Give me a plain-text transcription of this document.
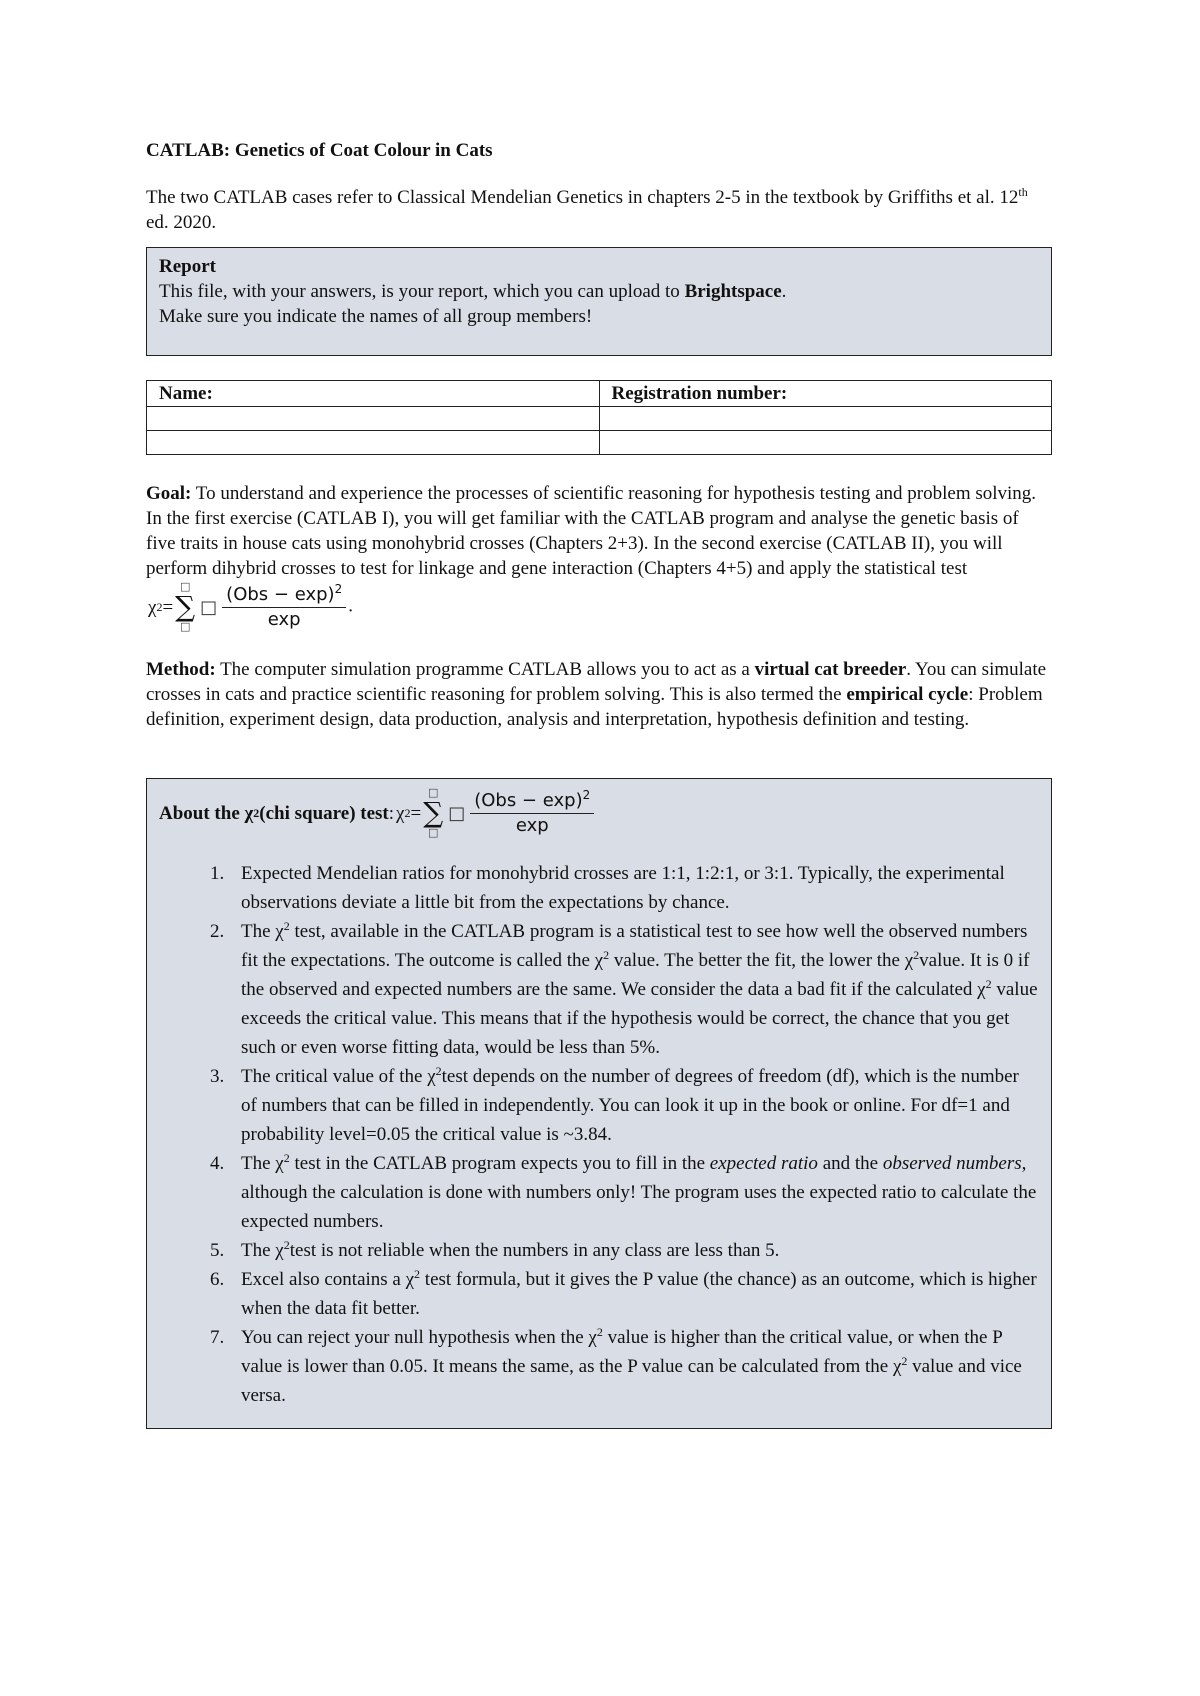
CATLAB: Genetics of Coat Colour in Cats

The two CATLAB cases refer to Classical Mendelian Genetics in chapters 2-5 in the textbook by Griffiths et al. 12th ed. 2020.

Report
This file, with your answers, is your report, which you can upload to Brightspace.
Make sure you indicate the names of all group members!
Name:	Registration number:

Goal: To understand and experience the processes of scientific reasoning for hypothesis testing and problem solving. In the first exercise (CATLAB I), you will get familiar with the CATLAB program and analyse the genetic basis of five traits in house cats using monohybrid crosses (Chapters 2+3). In the second exercise (CATLAB II), you will perform dihybrid crosses to test for linkage and gene interaction (Chapters 4+5) and apply the statistical test
χ 2 =
□
∑
□
□ $\frac{(Obs - \exp)^2}{\exp}$ .

Method: The computer simulation programme CATLAB allows you to act as a virtual cat breeder. You can simulate crosses in cats and practice scientific reasoning for problem solving. This is also termed the empirical cycle: Problem definition, experiment design, data production, analysis and interpretation, hypothesis definition and testing.

About the
χ 2 (chi square) test : χ 2 =
□
∑
□
□ $\frac{(Obs - \exp)^2}{\exp}$
1. Expected Mendelian ratios for monohybrid crosses are 1:1, 1:2:1, or 3:1. Typically, the experimental observations deviate a little bit from the expectations by chance.
2. The $\chi^2$ test, available in the CATLAB program is a statistical test to see how well the observed numbers fit the expectations. The outcome is called the $\chi^2$ value. The better the fit, the lower the $\chi^2value$. It is 0 if the observed and expected numbers are the same. We consider the data a bad fit if the calculated $\chi^2$ value exceeds the critical value. This means that if the hypothesis would be correct, the chance that you get such or even worse fitting data, would be less than 5%.
3. The critical value of the $\chi^2test$ depends on the number of degrees of freedom (df), which is the number of numbers that can be filled in independently. You can look it up in the book or online. For df=1 and probability level=0.05 the critical value is ~3.84.
4. The $\chi^2$ test in the CATLAB program expects you to fill in the expected ratio and the observed numbers, although the calculation is done with numbers only! The program uses the expected ratio to calculate the expected numbers.
5. The $\chi^2test$ is not reliable when the numbers in any class are less than 5.
6. Excel also contains a $\chi^2$ test formula, but it gives the P value (the chance) as an outcome, which is higher when the data fit better.
7. You can reject your null hypothesis when the $\chi^2$ value is higher than the critical value, or when the P value is lower than 0.05. It means the same, as the P value can be calculated from the $\chi^2$ value and vice versa.
